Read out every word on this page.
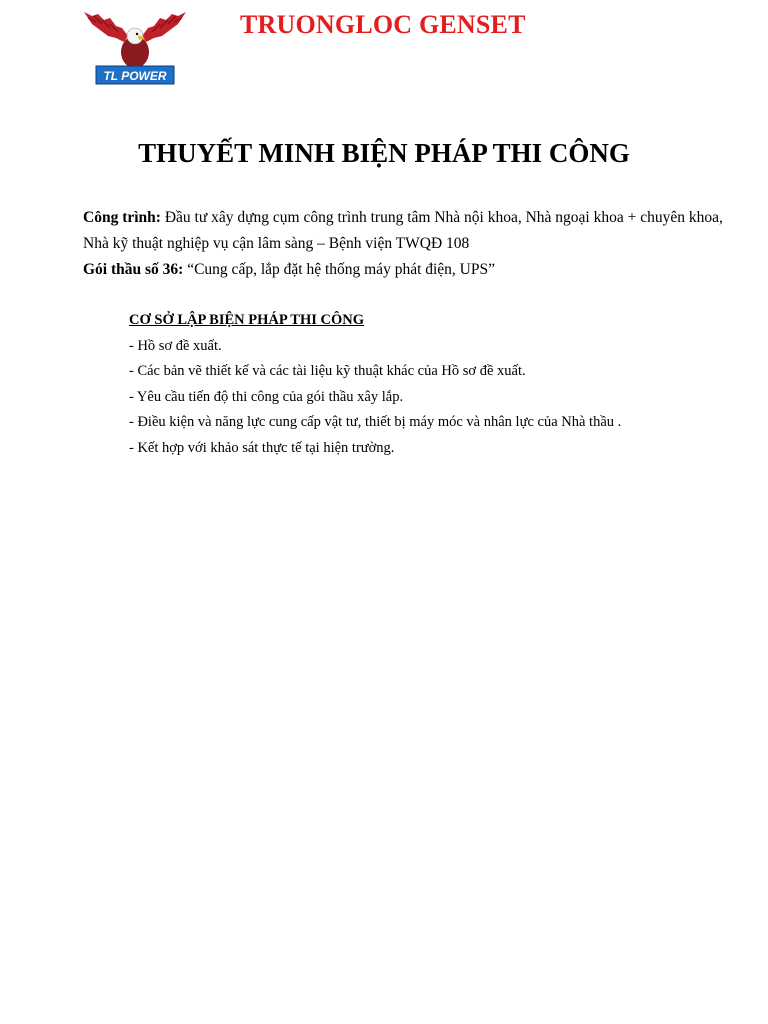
TL POWER
TRUONGLOC GENSET
THUYẾT MINH BIỆN PHÁP THI CÔNG

Công trình: Đầu tư xây dựng cụm công trình trung tâm Nhà nội khoa, Nhà ngoại khoa + chuyên khoa, Nhà kỹ thuật nghiệp vụ cận lâm sàng – Bệnh viện TWQĐ 108

Gói thầu số 36: “Cung cấp, lắp đặt hệ thống máy phát điện, UPS”

CƠ SỞ LẬP BIỆN PHÁP THI CÔNG

- Hồ sơ đề xuất.
- Các bản vẽ thiết kế và các tài liệu kỹ thuật khác của Hồ sơ đề xuất.
- Yêu cầu tiến độ thi công của gói thầu xây lắp.
- Điều kiện và năng lực cung cấp vật tư, thiết bị máy móc và nhân lực của Nhà thầu .
- Kết hợp với khảo sát thực tế tại hiện trường.
